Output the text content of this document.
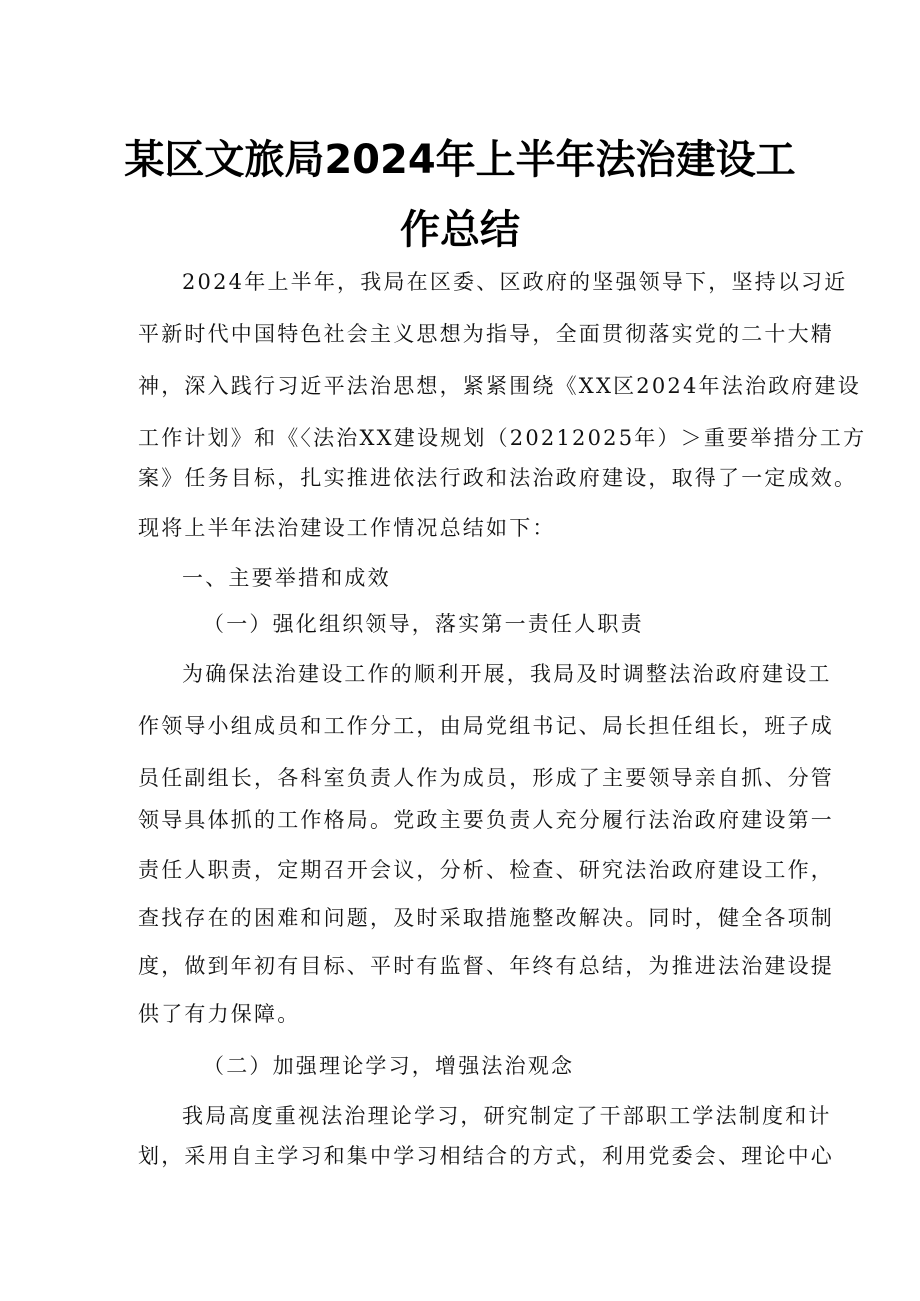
某区文旅局2024年上半年法治建设工
作总结
2024年上半年，我局在区委、区政府的坚强领导下，坚持以习近
平新时代中国特色社会主义思想为指导，全面贯彻落实党的二十大精
神，深入践行习近平法治思想，紧紧围绕《XX区2024年法治政府建设
工作计划》和《〈法治XX建设规划（20212025年）＞重要举措分工方
案》任务目标，扎实推进依法行政和法治政府建设，取得了一定成效。
现将上半年法治建设工作情况总结如下：
一、主要举措和成效
（一）强化组织领导，落实第一责任人职责
为确保法治建设工作的顺利开展，我局及时调整法治政府建设工
作领导小组成员和工作分工，由局党组书记、局长担任组长，班子成
员任副组长，各科室负责人作为成员，形成了主要领导亲自抓、分管
领导具体抓的工作格局。党政主要负责人充分履行法治政府建设第一
责任人职责，定期召开会议，分析、检查、研究法治政府建设工作，
查找存在的困难和问题，及时采取措施整改解决。同时，健全各项制
度，做到年初有目标、平时有监督、年终有总结，为推进法治建设提
供了有力保障。
（二）加强理论学习，增强法治观念
我局高度重视法治理论学习，研究制定了干部职工学法制度和计
划，采用自主学习和集中学习相结合的方式，利用党委会、理论中心
